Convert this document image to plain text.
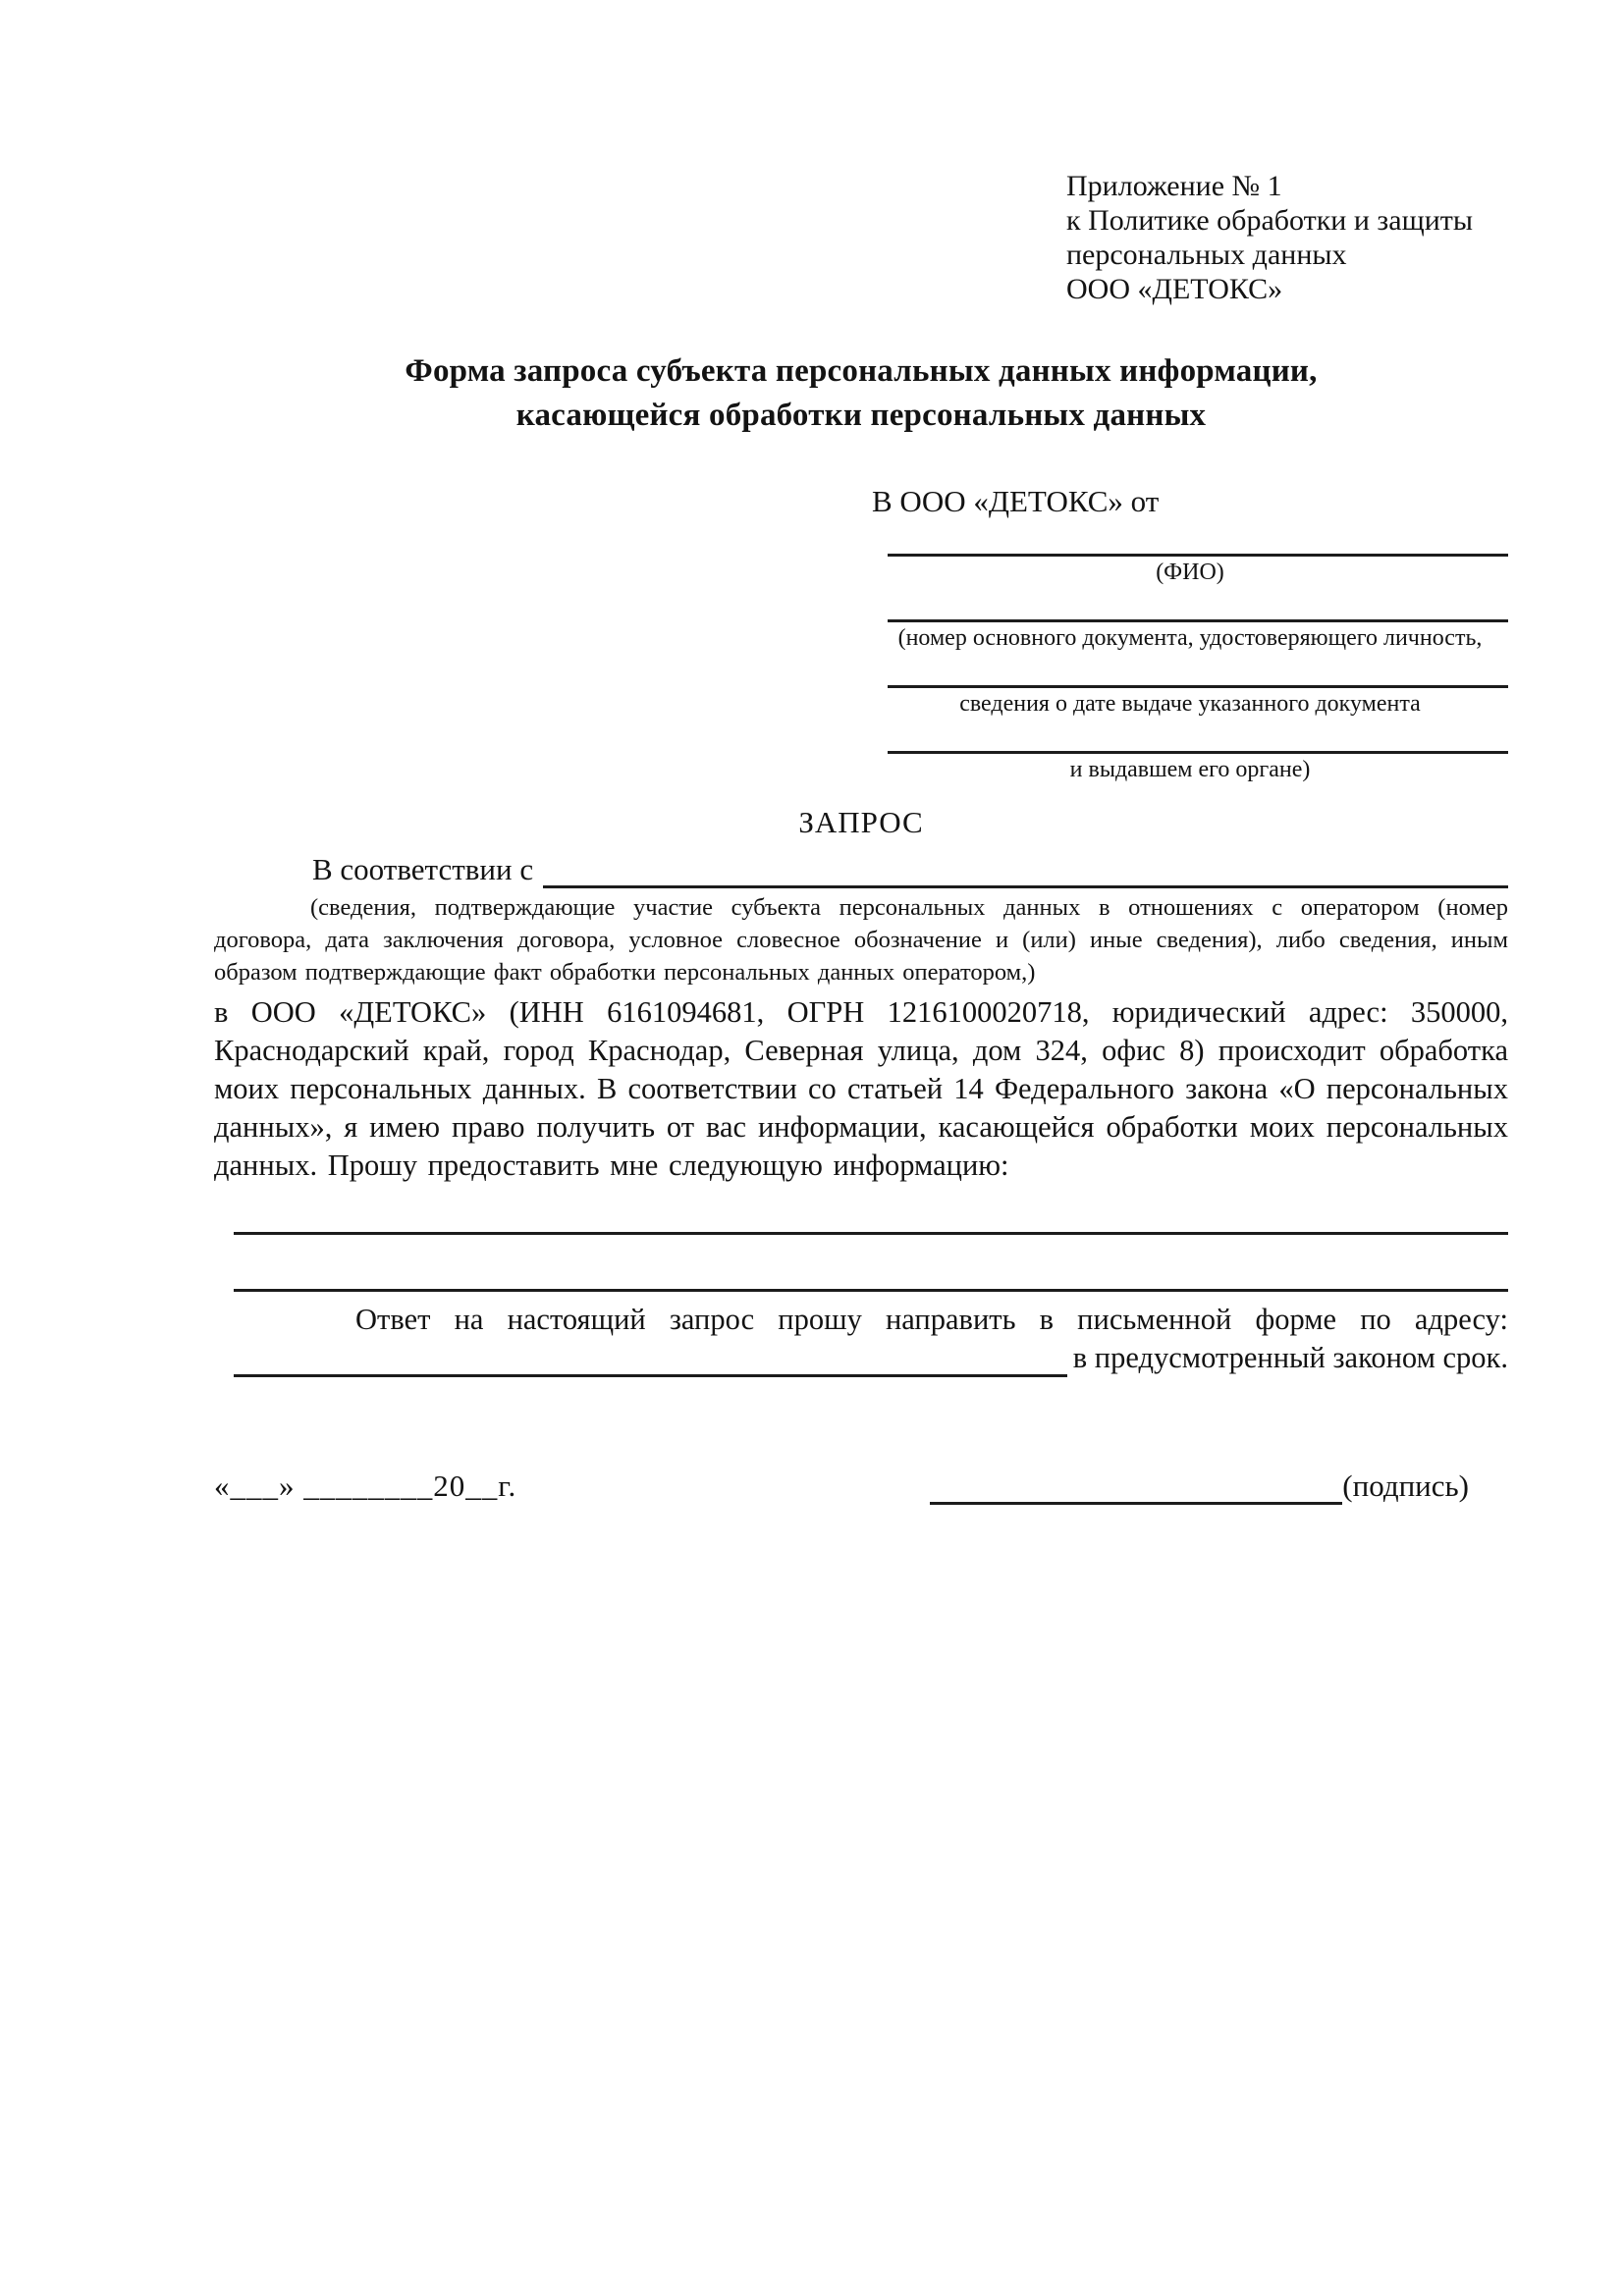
Приложение № 1
к Политике обработки и защиты
персональных данных
ООО «ДЕТОКС»
Форма запроса субъекта персональных данных информации,
касающейся обработки персональных данных
В ООО «ДЕТОКС» от
(ФИО)
(номер основного документа, удостоверяющего личность,
сведения о дате выдаче указанного документа
и выдавшем его органе)
ЗАПРОС
В соответствии с

(сведения, подтверждающие участие субъекта персональных данных в отношениях с оператором (номер договора, дата заключения договора, условное словесное обозначение и (или) иные сведения), либо сведения, иным образом подтверждающие факт обработки персональных данных оператором,)

в ООО «ДЕТОКС» (ИНН 6161094681, ОГРН 1216100020718, юридический адрес: 350000, Краснодарский край, город Краснодар, Северная улица, дом 324, офис 8) происходит обработка моих персональных данных. В соответствии со статьей 14 Федерального закона «О персональных данных», я имею право получить от вас информации, касающейся обработки моих персональных данных. Прошу предоставить мне следующую информацию:

Ответ на настоящий запрос прошу направить в письменной форме по адресу:

в предусмотренный законом срок.
«___» ________20__г.	(подпись)
